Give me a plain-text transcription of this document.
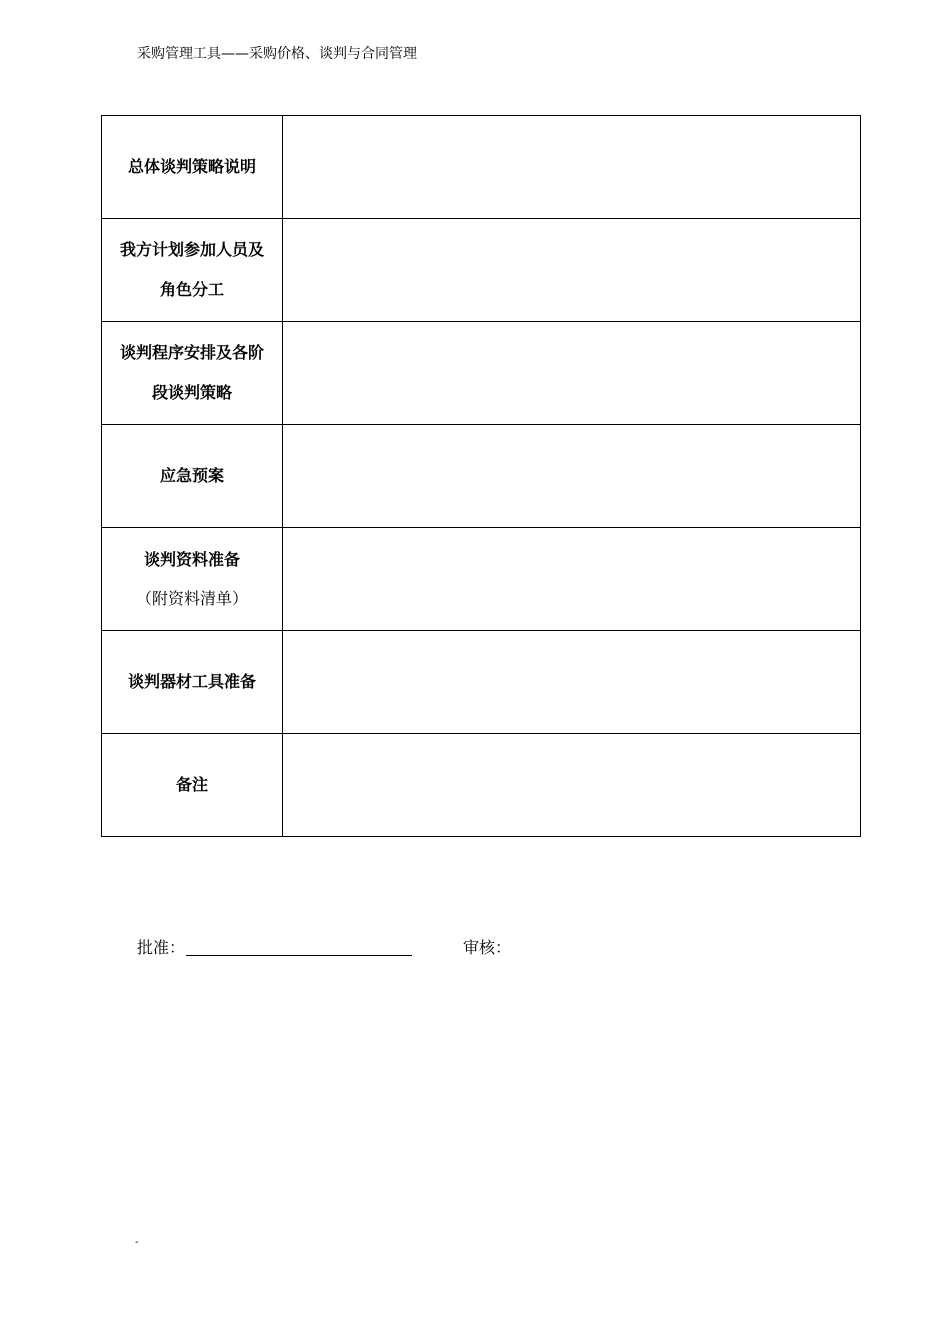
采购管理工具——采购价格、谈判与合同管理
总体谈判策略说明	

我方计划参加人员及
角色分工	

谈判程序安排及各阶
段谈判策略	

应急预案	

谈判资料准备
（附资料清单）	

谈判器材工具准备	

备注	

批准：	审核：
-
